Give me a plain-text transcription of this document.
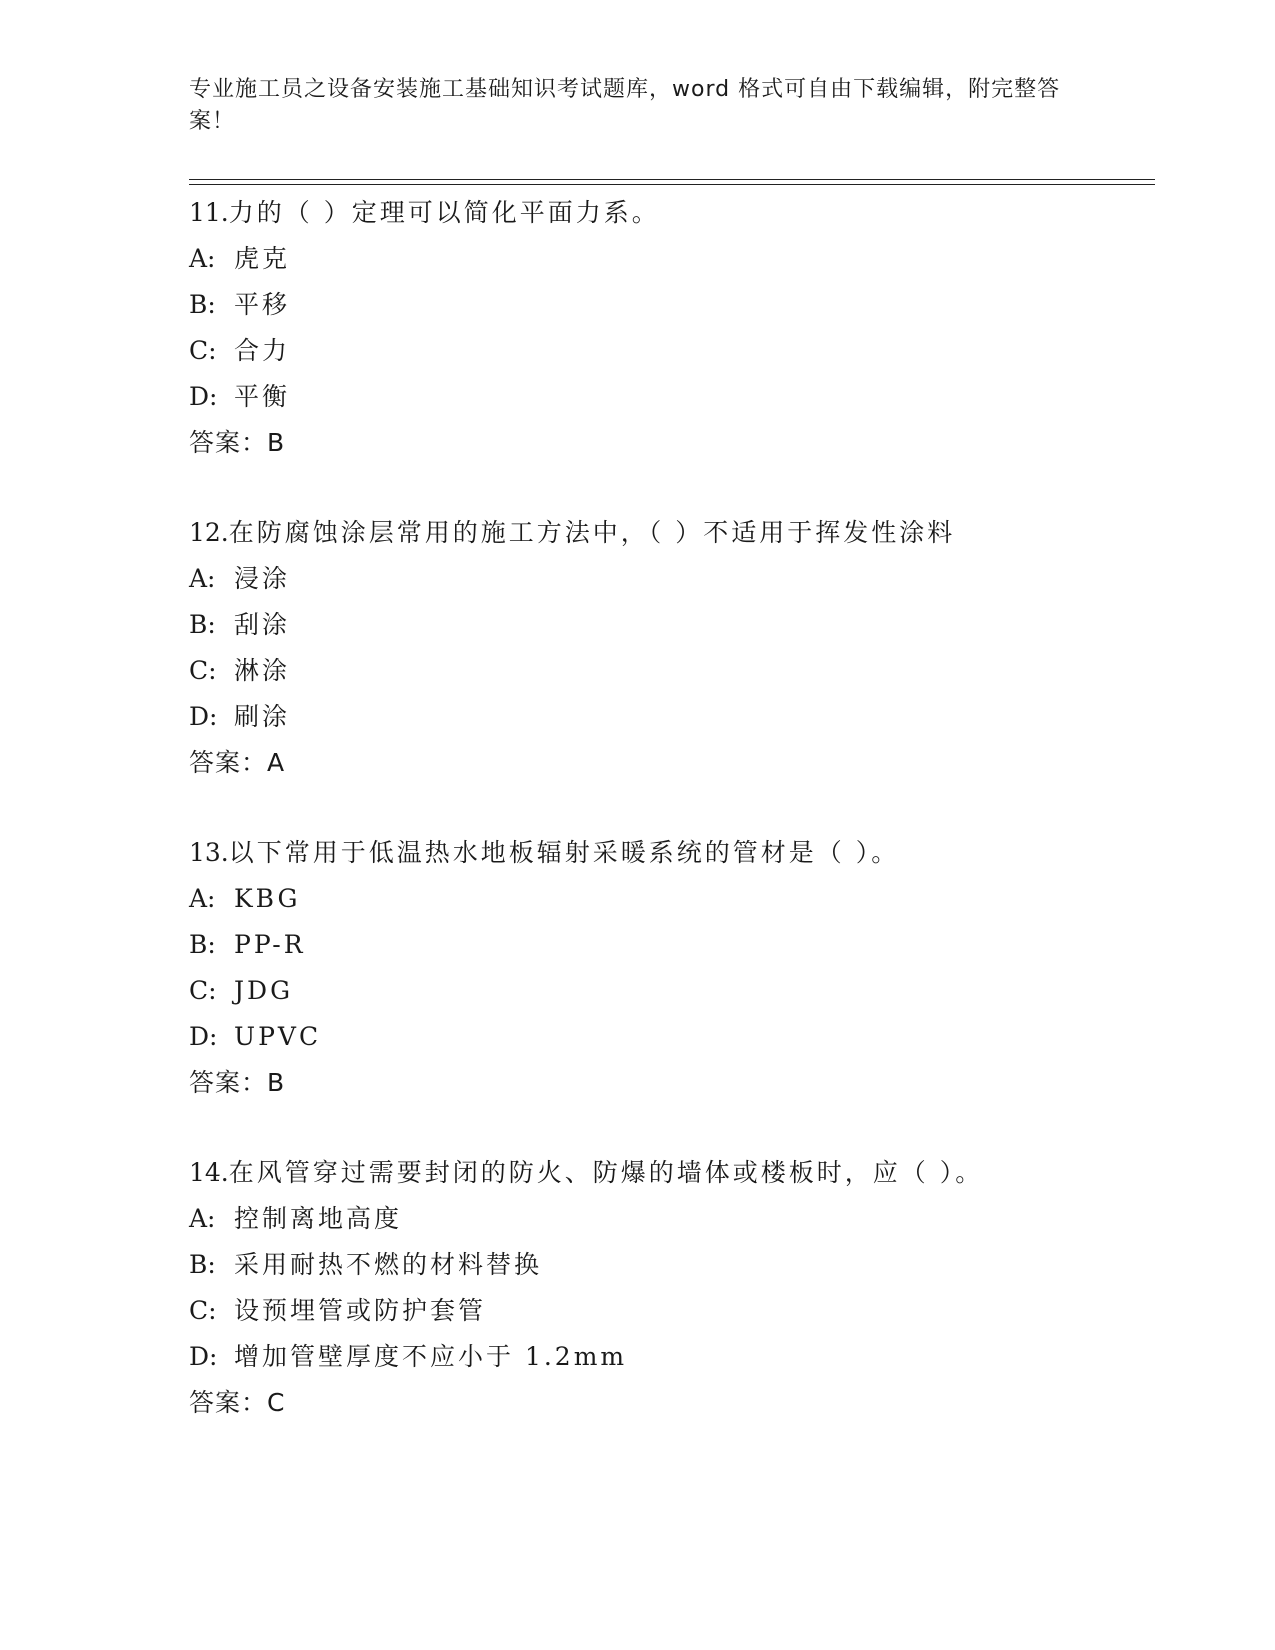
专业施工员之设备安装施工基础知识考试题库，word 格式可自由下载编辑，附完整答案！
11.力的（ ）定理可以简化平面力系。
A: 虎克
B: 平移
C: 合力
D: 平衡
答案：B
12.在防腐蚀涂层常用的施工方法中，（ ）不适用于挥发性涂料
A: 浸涂
B: 刮涂
C: 淋涂
D: 刷涂
答案：A
13.以下常用于低温热水地板辐射采暖系统的管材是（ ）。
A: KBG
B: PP-R
C: JDG
D: UPVC
答案：B
14.在风管穿过需要封闭的防火、防爆的墙体或楼板时，应（ ）。
A: 控制离地高度
B: 采用耐热不燃的材料替换
C: 设预埋管或防护套管
D: 增加管壁厚度不应小于 1.2mm
答案：C
